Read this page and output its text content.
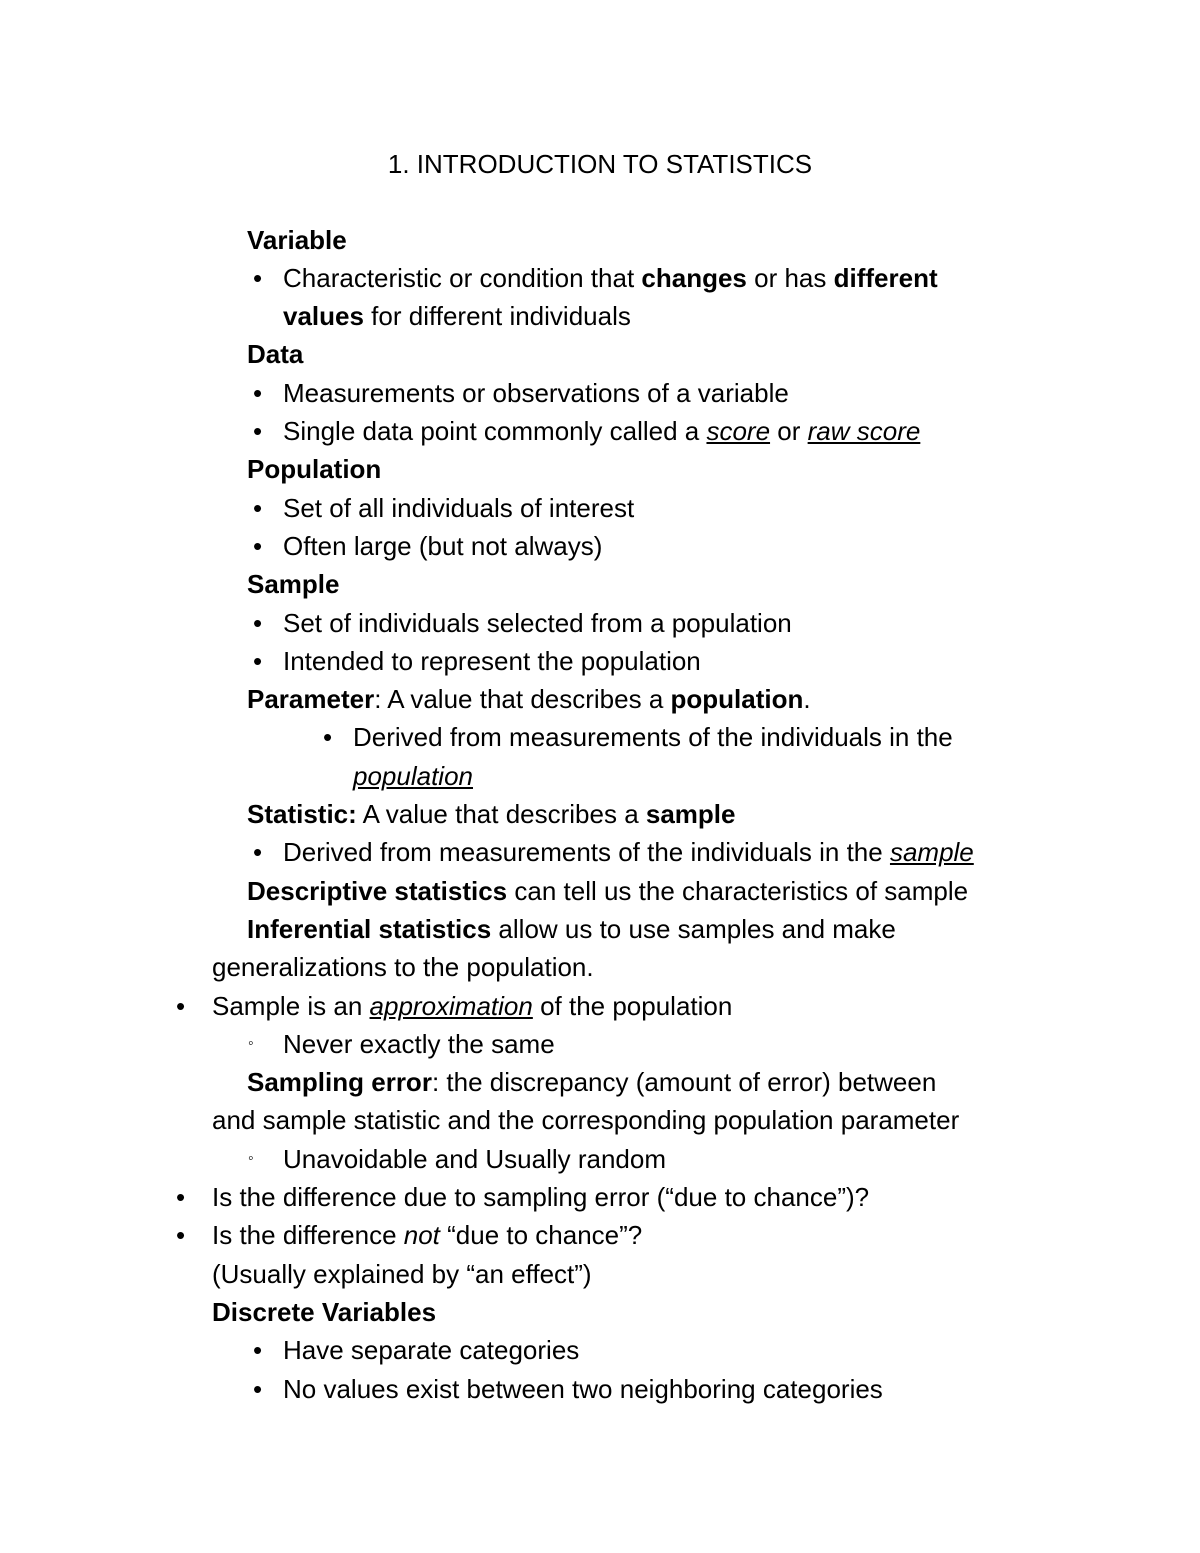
1. INTRODUCTION TO STATISTICS
Variable
• Characteristic or condition that changes or has different
values for different individuals
Data
• Measurements or observations of a variable
• Single data point commonly called a score or raw score
Population
• Set of all individuals of interest
• Often large (but not always)
Sample
• Set of individuals selected from a population
• Intended to represent the population
Parameter: A value that describes a population.
• Derived from measurements of the individuals in the
population
Statistic: A value that describes a sample
• Derived from measurements of the individuals in the sample
Descriptive statistics can tell us the characteristics of sample
Inferential statistics allow us to use samples and make
generalizations to the population.
• Sample is an approximation of the population
◦ Never exactly the same
Sampling error: the discrepancy (amount of error) between
and sample statistic and the corresponding population parameter
◦ Unavoidable and Usually random
• Is the difference due to sampling error (“due to chance”)?
• Is the difference not “due to chance”?
(Usually explained by “an effect”)
Discrete Variables
• Have separate categories
• No values exist between two neighboring categories
